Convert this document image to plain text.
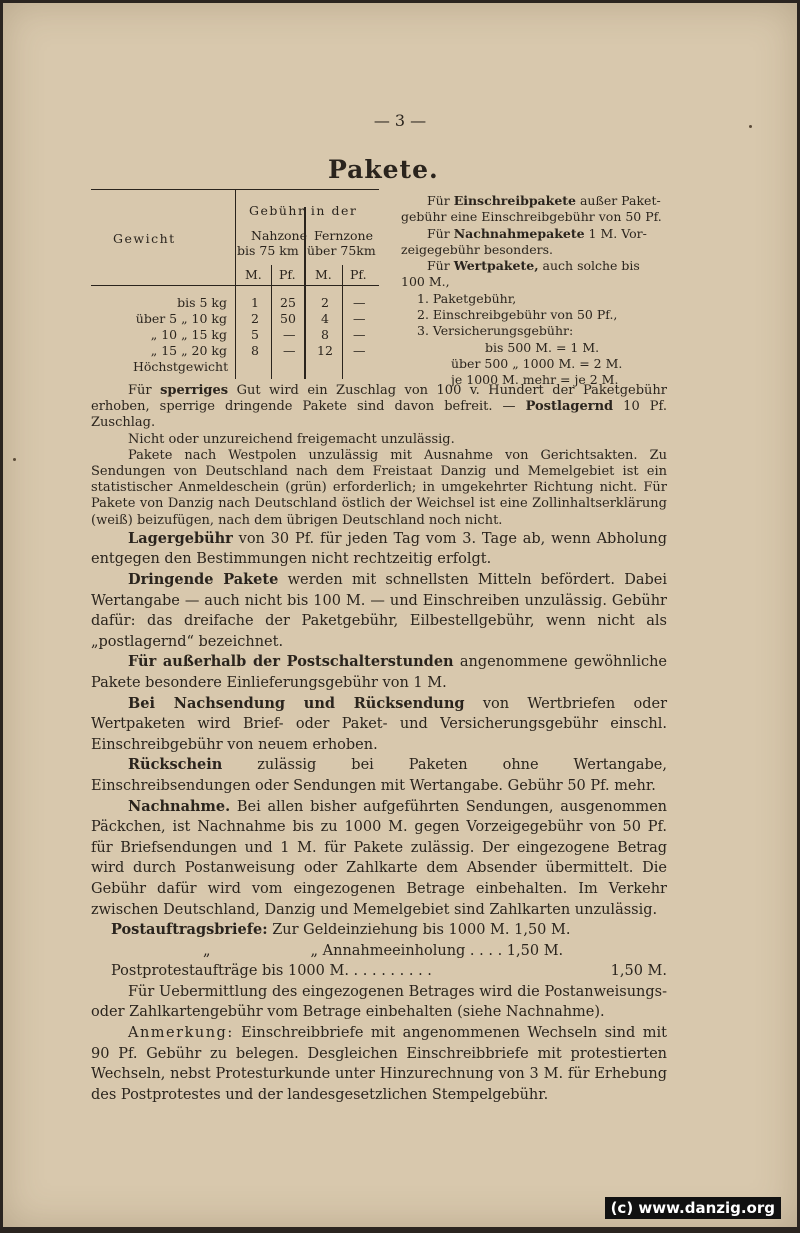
— 3 —
Pakete.
Gewicht
Gebühr in der
Nahzone
bis 75 km
Fernzone
über 75km
M. Pf. M. Pf.
bis 5 kg 1 25 2 —
über 5 „ 10 kg 2 50 4 —
„ 10 „ 15 kg 5 — 8 —
„ 15 „ 20 kg 8 — 12 —
Höchstgewicht

Für Einschreibpakete außer Paket-gebühr eine Einschreibgebühr von 50 Pf.

Für Nachnahmepakete 1 M. Vor-zeigegebühr besonders.

Für Wertpakete, auch solche bis 100 M.,

1. Paketgebühr,

2. Einschreibgebühr von 50 Pf.,

3. Versicherungsgebühr:

bis 500 M. = 1 M.

über 500 „ 1000 M. = 2 M.

je 1000 M. mehr = je 2 M.

Für sperriges Gut wird ein Zuschlag von 100 v. Hundert der Paketgebühr erhoben, sperrige dringende Pakete sind davon befreit. — Postlagernd 10 Pf. Zuschlag.

Nicht oder unzureichend freigemacht unzulässig.

Pakete nach Westpolen unzulässig mit Ausnahme von Gerichtsakten. Zu Sendungen von Deutschland nach dem Freistaat Danzig und Memelgebiet ist ein statistischer Anmeldeschein (grün) erforderlich; in umgekehrter Richtung nicht. Für Pakete von Danzig nach Deutschland östlich der Weichsel ist eine Zollinhaltserklärung (weiß) beizufügen, nach dem übrigen Deutschland noch nicht.

Lagergebühr von 30 Pf. für jeden Tag vom 3. Tage ab, wenn Abholung entgegen den Bestimmungen nicht rechtzeitig erfolgt.

Dringende Pakete werden mit schnellsten Mitteln befördert. Dabei Wertangabe — auch nicht bis 100 M. — und Einschreiben unzulässig. Gebühr dafür: das dreifache der Paketgebühr, Eilbestellgebühr, wenn nicht als „postlagernd“ bezeichnet.

Für außerhalb der Postschalterstunden angenommene gewöhnliche Pakete besondere Einlieferungsgebühr von 1 M.

Bei Nachsendung und Rücksendung von Wertbriefen oder Wertpaketen wird Brief- oder Paket- und Versicherungsgebühr einschl. Einschreibgebühr von neuem erhoben.

Rückschein zulässig bei Paketen ohne Wertangabe, Einschreibsendungen oder Sendungen mit Wertangabe. Gebühr 50 Pf. mehr.

Nachnahme. Bei allen bisher aufgeführten Sendungen, ausgenommen Päckchen, ist Nachnahme bis zu 1000 M. gegen Vorzeigegebühr von 50 Pf. für Briefsendungen und 1 M. für Pakete zulässig. Der eingezogene Betrag wird durch Postanweisung oder Zahlkarte dem Absender übermittelt. Die Gebühr dafür wird vom eingezogenen Betrage einbehalten. Im Verkehr zwischen Deutschland, Danzig und Memelgebiet sind Zahlkarten unzulässig.

Postauftragsbriefe: Zur Geldeinziehung bis 1000 M. 1,50 M.

„	„ Annahmeeinholung . . . . 1,50 M.

Postprotestaufträge bis 1000 M. . . . . . . . . .	1,50 M.

Für Uebermittlung des eingezogenen Betrages wird die Postanweisungs- oder Zahlkartengebühr vom Betrage einbehalten (siehe Nachnahme).

Anmerkung: Einschreibbriefe mit angenommenen Wechseln sind mit 90 Pf. Gebühr zu belegen. Desgleichen Einschreibbriefe mit protestierten Wechseln, nebst Protesturkunde unter Hinzurechnung von 3 M. für Erhebung des Postprotestes und der landesgesetzlichen Stempelgebühr.

(c) www.danzig.org
